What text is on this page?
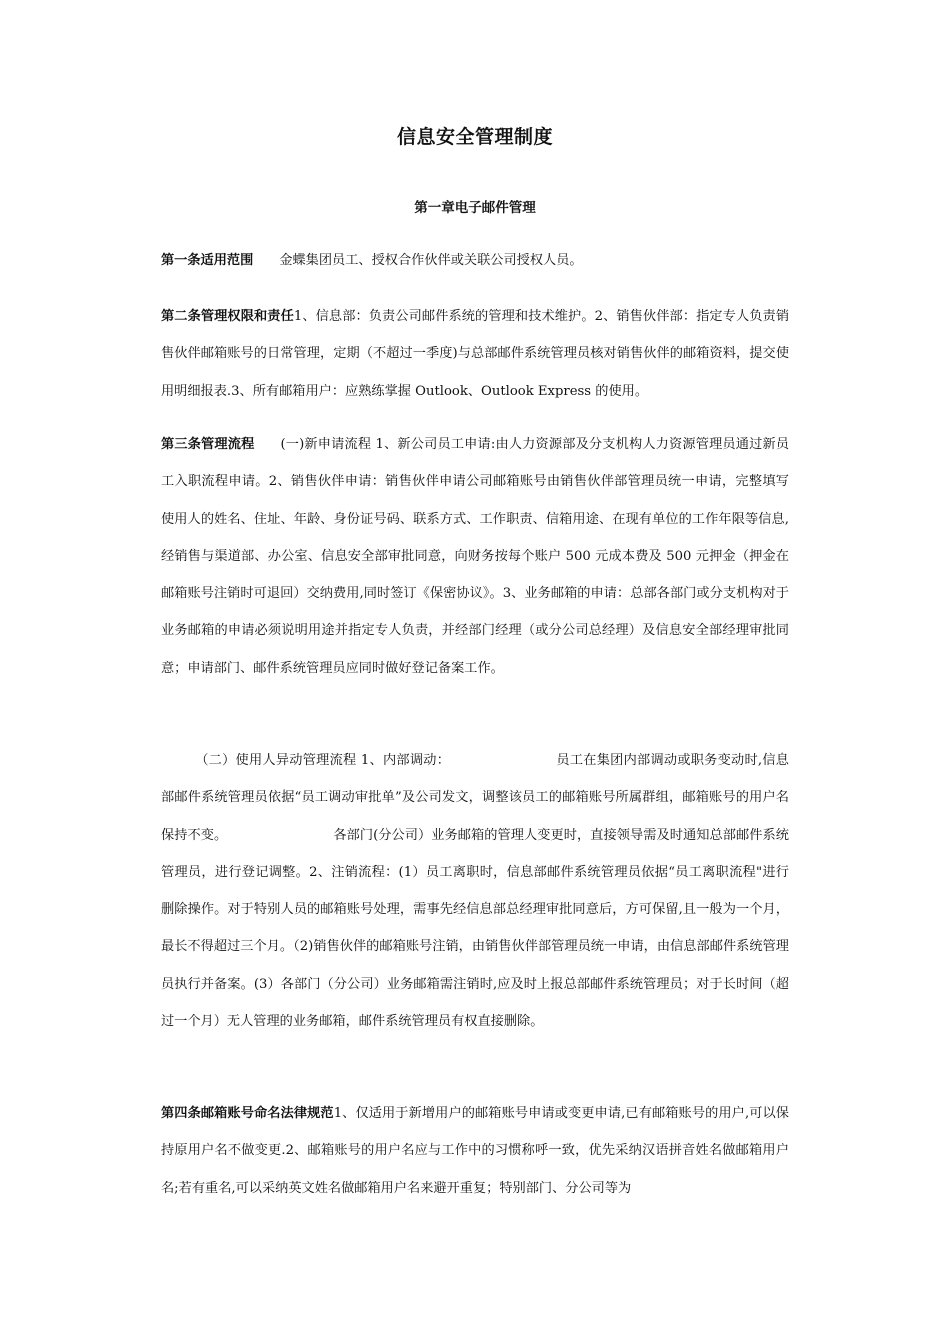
信息安全管理制度
第一章电子邮件管理

第一条适用范围 金蝶集团员工、授权合作伙伴或关联公司授权人员。

第二条管理权限和责任1、信息部：负责公司邮件系统的管理和技术维护。2、销售伙伴部：指定专人负责销售伙伴邮箱账号的日常管理，定期（不超过一季度)与总部邮件系统管理员核对销售伙伴的邮箱资料，提交使用明细报表.3、所有邮箱用户：应熟练掌握 Outlook、Outlook Express 的使用。

第三条管理流程 (一)新申请流程 1、新公司员工申请:由人力资源部及分支机构人力资源管理员通过新员工入职流程申请。2、销售伙伴申请：销售伙伴申请公司邮箱账号由销售伙伴部管理员统一申请，完整填写使用人的姓名、住址、年龄、身份证号码、联系方式、工作职责、信箱用途、在现有单位的工作年限等信息,经销售与渠道部、办公室、信息安全部审批同意，向财务按每个账户 500 元成本费及 500 元押金（押金在邮箱账号注销时可退回）交纳费用,同时签订《保密协议》。3、业务邮箱的申请：总部各部门或分支机构对于业务邮箱的申请必须说明用途并指定专人负责，并经部门经理（或分公司总经理）及信息安全部经理审批同意；申请部门、邮件系统管理员应同时做好登记备案工作。

（二）使用人异动管理流程 1、内部调动：	员工在集团内部调动或职务变动时,信息部邮件系统管理员依据“员工调动审批单”及公司发文，调整该员工的邮箱账号所属群组，邮箱账号的用户名保持不变。	各部门(分公司）业务邮箱的管理人变更时，直接领导需及时通知总部邮件系统管理员，进行登记调整。2、注销流程：(1）员工离职时，信息部邮件系统管理员依据“员工离职流程"进行删除操作。对于特别人员的邮箱账号处理，需事先经信息部总经理审批同意后，方可保留,且一般为一个月，最长不得超过三个月。（2)销售伙伴的邮箱账号注销，由销售伙伴部管理员统一申请，由信息部邮件系统管理员执行并备案。(3）各部门（分公司）业务邮箱需注销时,应及时上报总部邮件系统管理员；对于长时间（超过一个月）无人管理的业务邮箱，邮件系统管理员有权直接删除。

第四条邮箱账号命名法律规范1、仅适用于新增用户的邮箱账号申请或变更申请,已有邮箱账号的用户,可以保持原用户名不做变更.2、邮箱账号的用户名应与工作中的习惯称呼一致，优先采纳汉语拼音姓名做邮箱用户名;若有重名,可以采纳英文姓名做邮箱用户名来避开重复；特别部门、分公司等为
